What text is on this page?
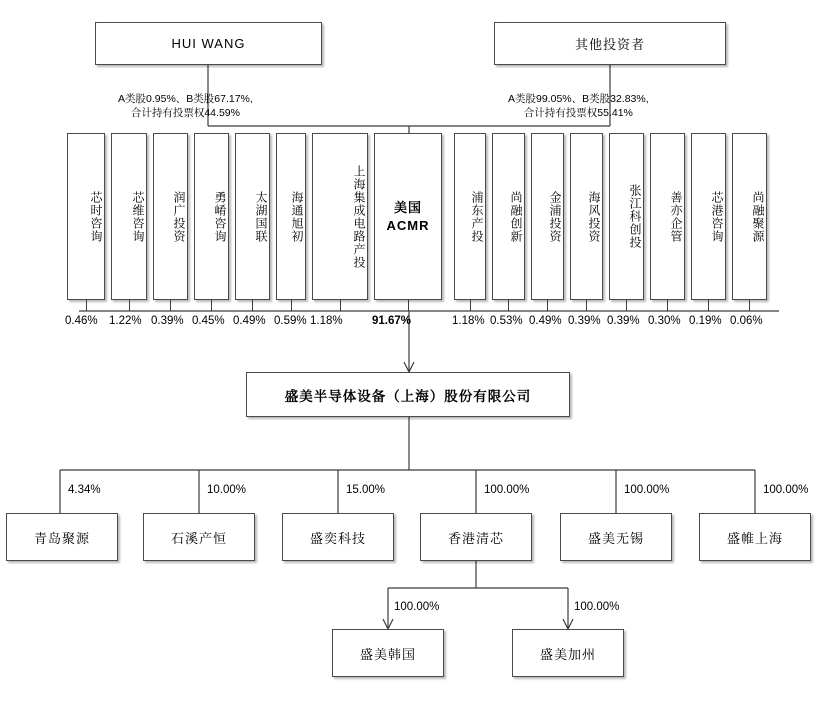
HUI WANG	其他投资者
A类股0.95%、B类股67.17%,
合计持有投票权44.59%
A类股99.05%、B类股32.83%,
合计持有投票权55.41%
芯时咨询
0.46%
芯维咨询
1.22%
润广投资
0.39%
勇崤咨询
0.45%
太湖国联
0.49%
海通旭初
0.59%
上海集成电路产投
1.18%
美国
ACMR
91.67%
浦东产投
1.18%
尚融创新
0.53%
金浦投资
0.49%
海风投资
0.39%
张江科创投
0.39%
善亦企管
0.30%
芯港咨询
0.19%
尚融聚源
0.06%
盛美半导体设备（上海）股份有限公司
青岛聚源
4.34%
石溪产恒
10.00%
盛奕科技
15.00%
香港清芯
100.00%
盛美无锡
100.00%
盛帷上海
100.00%
盛美韩国
100.00%
盛美加州
100.00%
